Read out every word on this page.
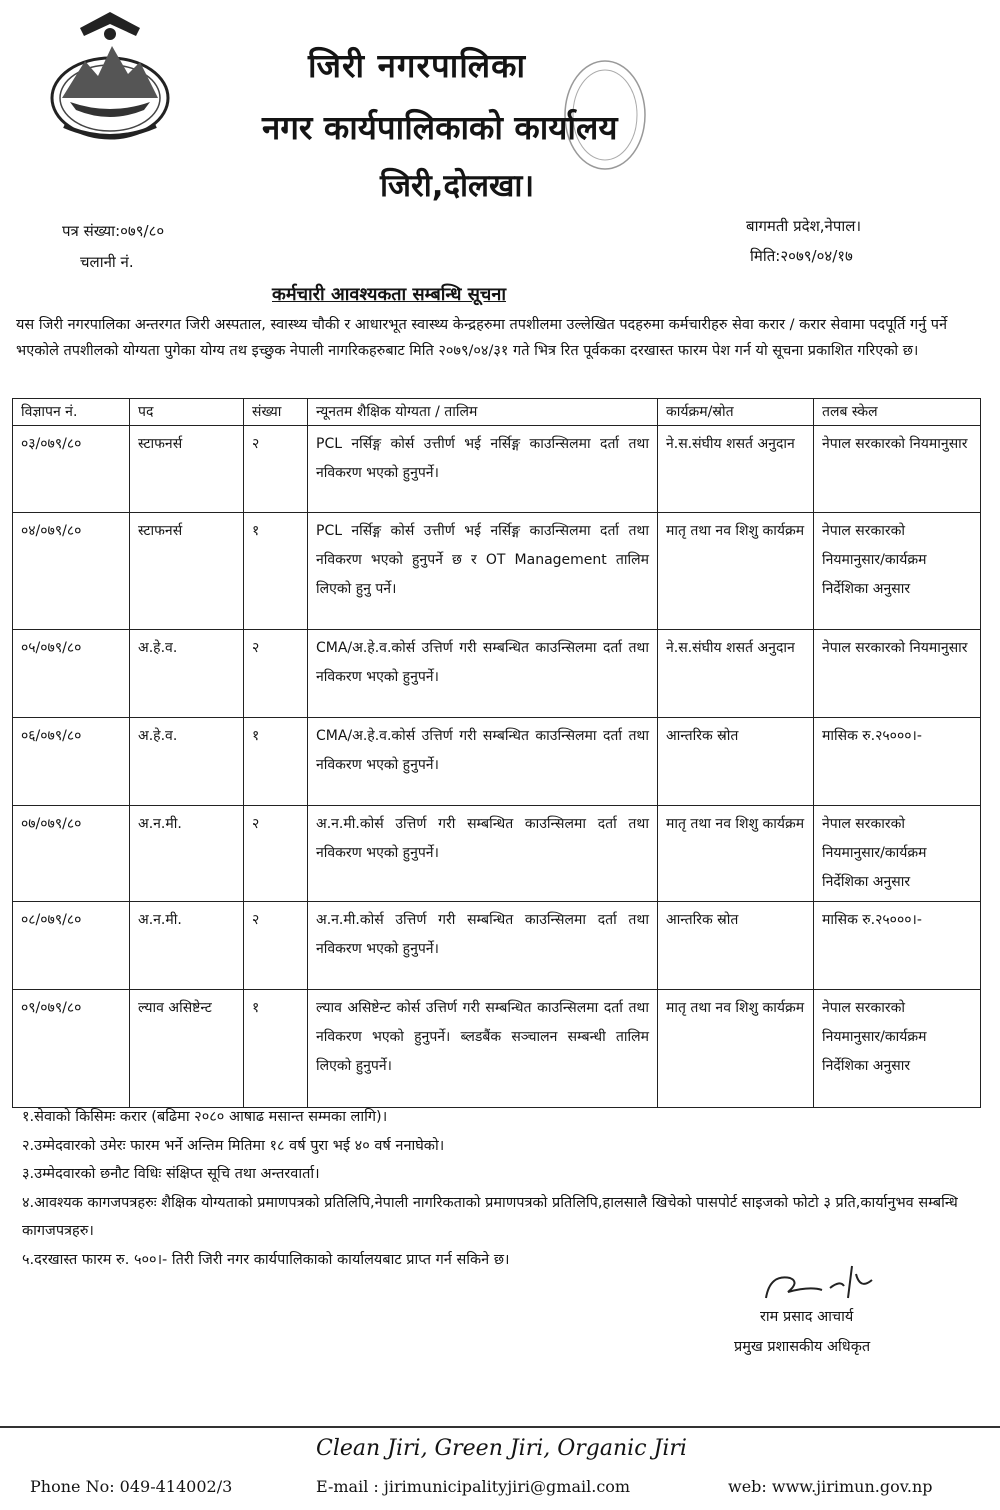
जिरी नगरपालिका
नगर कार्यपालिकाको कार्यालय
जिरी,दोलखा।
पत्र संख्या:०७९/८०
चलानी नं.
बागमती प्रदेश,नेपाल।
मिति:२०७९/०४/१७
कर्मचारी आवश्यकता सम्बन्धि सूचना
यस जिरी नगरपालिका अन्तरगत जिरी अस्पताल, स्वास्थ्य चौकी र आधारभूत स्वास्थ्य केन्द्रहरुमा तपशीलमा उल्लेखित पदहरुमा कर्मचारीहरु सेवा करार / करार सेवामा पदपूर्ति गर्नु पर्ने भएकोले तपशीलको योग्यता पुगेका योग्य तथ इच्छुक नेपाली नागरिकहरुबाट मिति २०७९/०४/३१ गते भित्र रित पूर्वकका दरखास्त फारम पेश गर्न यो सूचना प्रकाशित गरिएको छ।
विज्ञापन नं.	पद	संख्या	न्यूनतम शैक्षिक योग्यता / तालिम	कार्यक्रम/स्रोत	तलब स्केल
०३/०७९/८०	स्टाफनर्स	२	PCL नर्सिङ्ग कोर्स उत्तीर्ण भई नर्सिङ्ग काउन्सिलमा दर्ता तथा नविकरण भएको हुनुपर्ने।	ने.स.संघीय शसर्त अनुदान	नेपाल सरकारको नियमानुसार
०४/०७९/८०	स्टाफनर्स	१	PCL नर्सिङ्ग कोर्स उत्तीर्ण भई नर्सिङ्ग काउन्सिलमा दर्ता तथा नविकरण भएको हुनुपर्ने छ र OT Management तालिम लिएको हुनु पर्ने।	मातृ तथा नव शिशु कार्यक्रम	नेपाल सरकारको नियमानुसार/कार्यक्रम निर्देशिका अनुसार
०५/०७९/८०	अ.हे.व.	२	CMA/अ.हे.व.कोर्स उत्तिर्ण गरी सम्बन्धित काउन्सिलमा दर्ता तथा नविकरण भएको हुनुपर्ने।	ने.स.संघीय शसर्त अनुदान	नेपाल सरकारको नियमानुसार
०६/०७९/८०	अ.हे.व.	१	CMA/अ.हे.व.कोर्स उत्तिर्ण गरी सम्बन्धित काउन्सिलमा दर्ता तथा नविकरण भएको हुनुपर्ने।	आन्तरिक स्रोत	मासिक रु.२५०००।-
०७/०७९/८०	अ.न.मी.	२	अ.न.मी.कोर्स उत्तिर्ण गरी सम्बन्धित काउन्सिलमा दर्ता तथा नविकरण भएको हुनुपर्ने।	मातृ तथा नव शिशु कार्यक्रम	नेपाल सरकारको नियमानुसार/कार्यक्रम निर्देशिका अनुसार
०८/०७९/८०	अ.न.मी.	२	अ.न.मी.कोर्स उत्तिर्ण गरी सम्बन्धित काउन्सिलमा दर्ता तथा नविकरण भएको हुनुपर्ने।	आन्तरिक स्रोत	मासिक रु.२५०००।-
०९/०७९/८०	ल्याव असिष्टेन्ट	१	ल्याव असिष्टेन्ट कोर्स उत्तिर्ण गरी सम्बन्धित काउन्सिलमा दर्ता तथा नविकरण भएको हुनुपर्ने। ब्लडबैंक सञ्चालन सम्बन्धी तालिम लिएको हुनुपर्ने।	मातृ तथा नव शिशु कार्यक्रम	नेपाल सरकारको नियमानुसार/कार्यक्रम निर्देशिका अनुसार
१.सेवाको किसिमः करार (बढिमा २०८० आषाढ मसान्त सम्मका लागि)।
२.उम्मेदवारको उमेरः फारम भर्ने अन्तिम मितिमा १८ वर्ष पुरा भई ४० वर्ष ननाघेको।
३.उम्मेदवारको छनौट विधिः संक्षिप्त सूचि तथा अन्तरवार्ता।
४.आवश्यक कागजपत्रहरुः शैक्षिक योग्यताको प्रमाणपत्रको प्रतिलिपि,नेपाली नागरिकताको प्रमाणपत्रको प्रतिलिपि,हालसालै खिचेको पासपोर्ट साइजको फोटो ३ प्रति,कार्यानुभव सम्बन्धि कागजपत्रहरु।
५.दरखास्त फारम रु. ५००।- तिरी जिरी नगर कार्यपालिकाको कार्यालयबाट प्राप्त गर्न सकिने छ।
राम प्रसाद आचार्य
प्रमुख प्रशासकीय अधिकृत
Clean Jiri, Green Jiri, Organic Jiri
Phone No: 049-414002/3	E-mail : jirimunicipalityjiri@gmail.com	web: www.jirimun.gov.np
